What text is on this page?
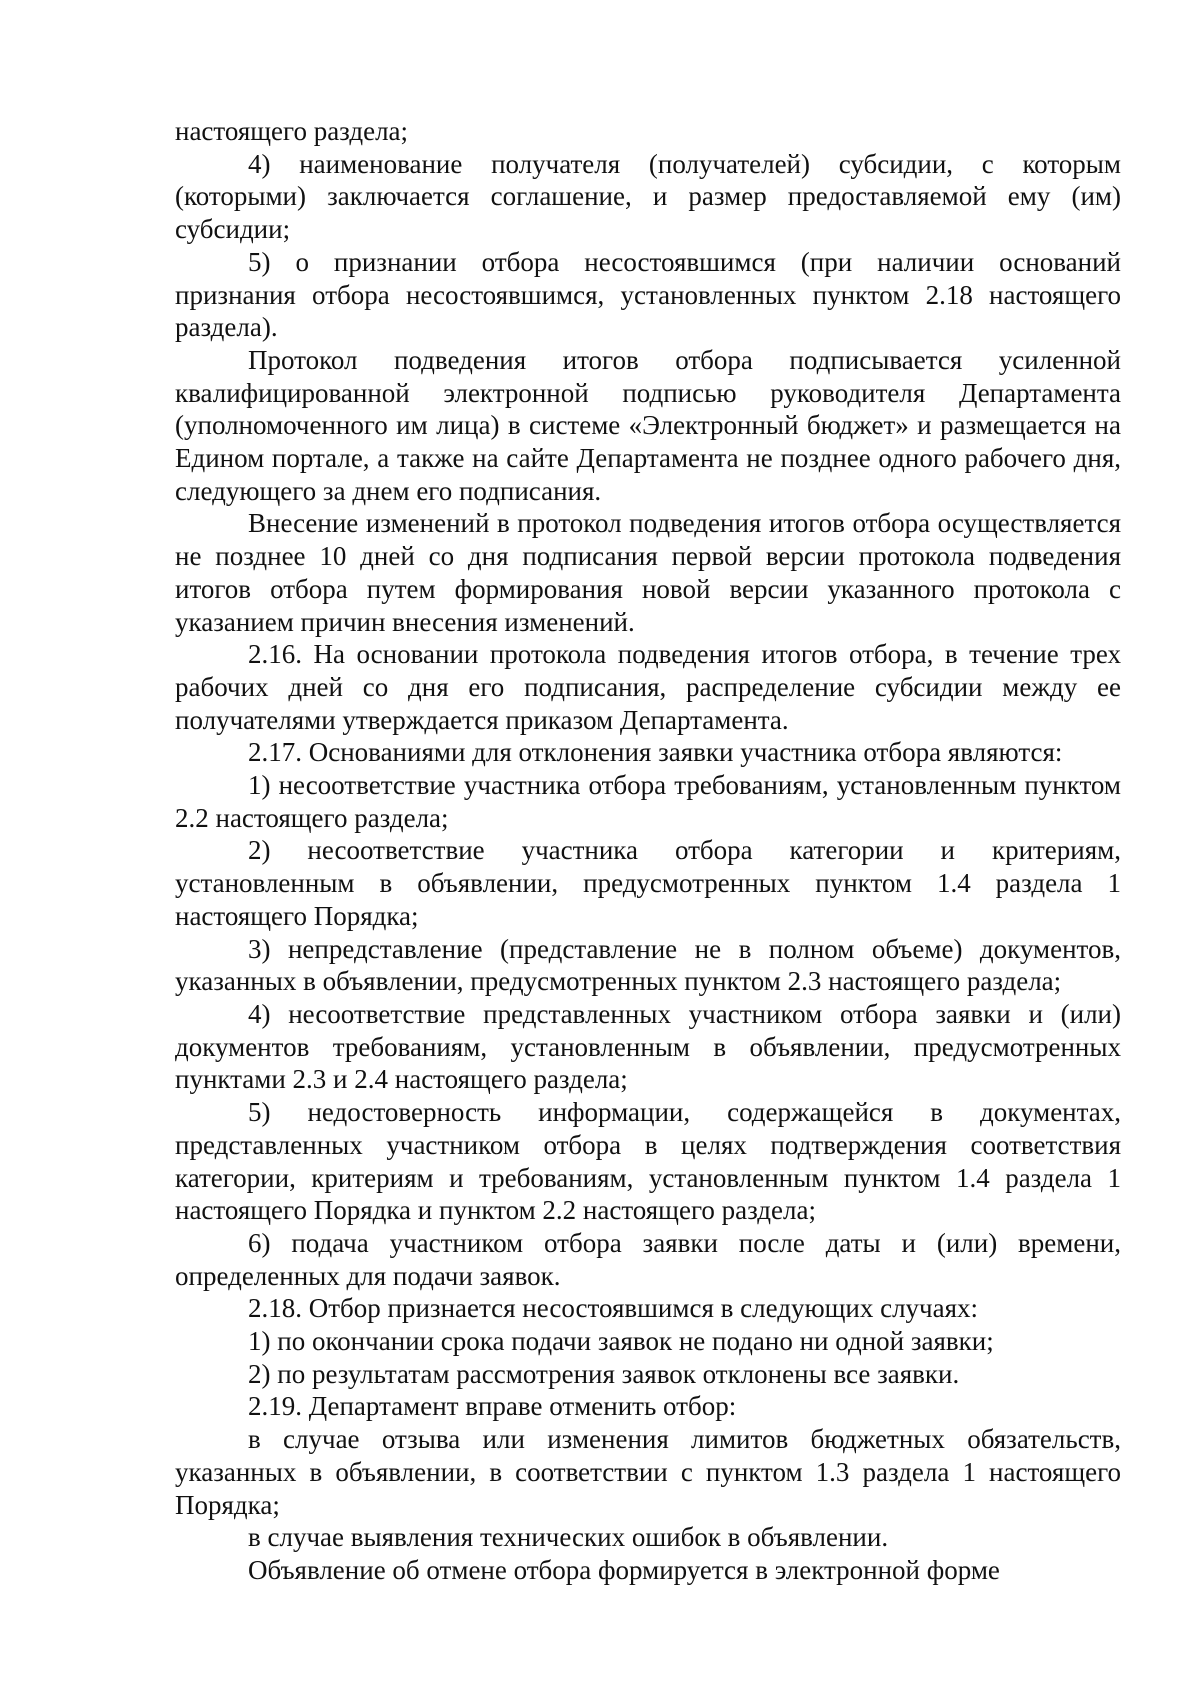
настоящего раздела;

4) наименование получателя (получателей) субсидии, с которым (которыми) заключается соглашение, и размер предоставляемой ему (им) субсидии;

5) о признании отбора несостоявшимся (при наличии оснований признания отбора несостоявшимся, установленных пунктом 2.18 настоящего раздела).

Протокол подведения итогов отбора подписывается усиленной квалифицированной электронной подписью руководителя Департамента (уполномоченного им лица) в системе «Электронный бюджет» и размещается на Едином портале, а также на сайте Департамента не позднее одного рабочего дня, следующего за днем его подписания.

Внесение изменений в протокол подведения итогов отбора осуществляется не позднее 10 дней со дня подписания первой версии протокола подведения итогов отбора путем формирования новой версии указанного протокола с указанием причин внесения изменений.

2.16. На основании протокола подведения итогов отбора, в течение трех рабочих дней со дня его подписания, распределение субсидии между ее получателями утверждается приказом Департамента.

2.17. Основаниями для отклонения заявки участника отбора являются:

1) несоответствие участника отбора требованиям, установленным пунктом 2.2 настоящего раздела;

2) несоответствие участника отбора категории и критериям, установленным в объявлении, предусмотренных пунктом 1.4 раздела 1 настоящего Порядка;

3) непредставление (представление не в полном объеме) документов, указанных в объявлении, предусмотренных пунктом 2.3 настоящего раздела;

4) несоответствие представленных участником отбора заявки и (или) документов требованиям, установленным в объявлении, предусмотренных пунктами 2.3 и 2.4 настоящего раздела;

5) недостоверность информации, содержащейся в документах, представленных участником отбора в целях подтверждения соответствия категории, критериям и требованиям, установленным пунктом 1.4 раздела 1 настоящего Порядка и пунктом 2.2 настоящего раздела;

6) подача участником отбора заявки после даты и (или) времени, определенных для подачи заявок.

2.18. Отбор признается несостоявшимся в следующих случаях:

1) по окончании срока подачи заявок не подано ни одной заявки;

2) по результатам рассмотрения заявок отклонены все заявки.

2.19. Департамент вправе отменить отбор:

в случае отзыва или изменения лимитов бюджетных обязательств, указанных в объявлении, в соответствии с пунктом 1.3 раздела 1 настоящего Порядка;

в случае выявления технических ошибок в объявлении.

Объявление об отмене отбора формируется в электронной форме
